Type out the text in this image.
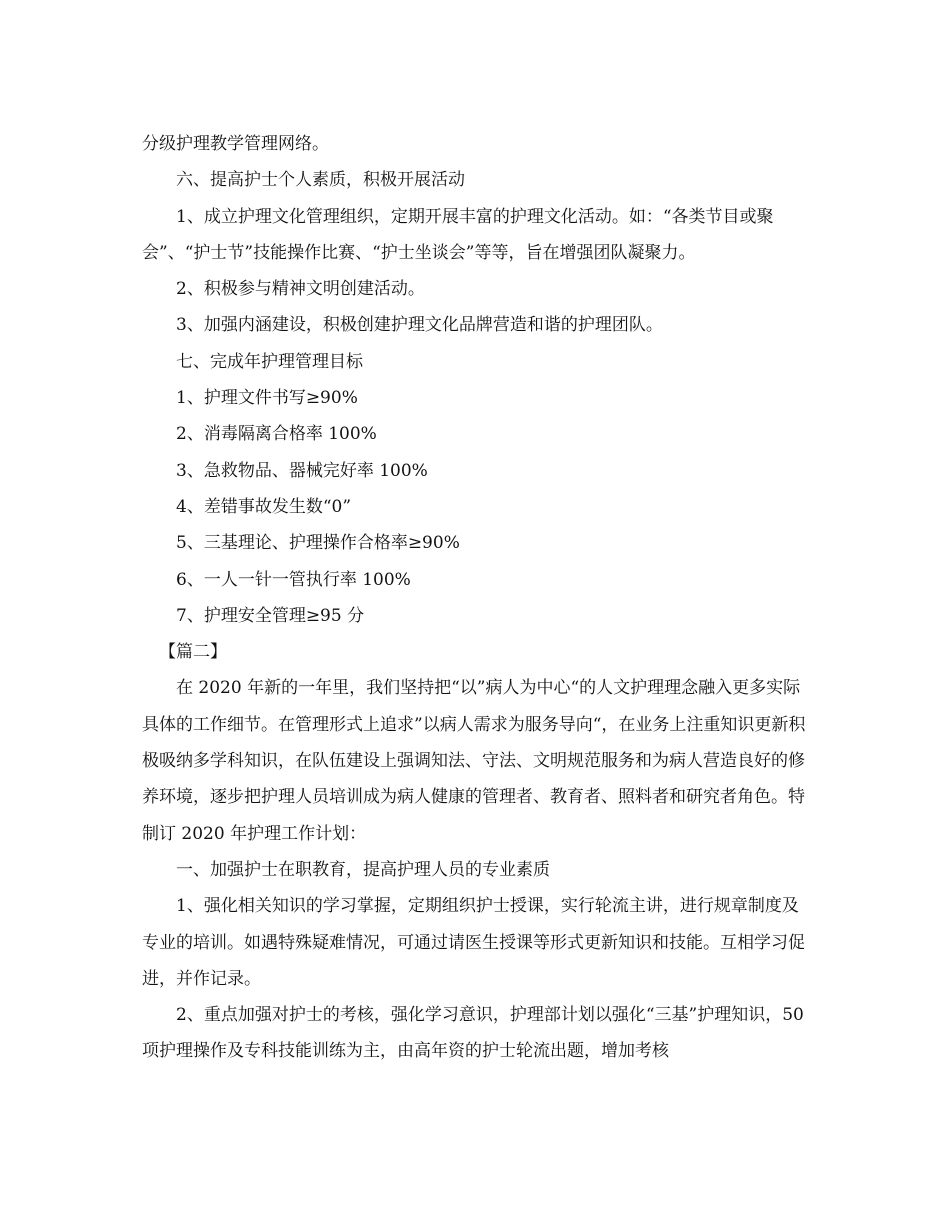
分级护理教学管理网络。

六、提高护士个人素质，积极开展活动

1、成立护理文化管理组织，定期开展丰富的护理文化活动。如：“各类节目或聚会”、“护士节”技能操作比赛、“护士坐谈会”等等，旨在增强团队凝聚力。

2、积极参与精神文明创建活动。

3、加强内涵建设，积极创建护理文化品牌营造和谐的护理团队。

七、完成年护理管理目标

1、护理文件书写≥90%

2、消毒隔离合格率 100%

3、急救物品、器械完好率 100%

4、差错事故发生数“0”

5、三基理论、护理操作合格率≥90%

6、一人一针一管执行率 100%

7、护理安全管理≥95 分

【篇二】

在 2020 年新的一年里，我们坚持把“以”病人为中心“的人文护理理念融入更多实际具体的工作细节。在管理形式上追求”以病人需求为服务导向“，在业务上注重知识更新积极吸纳多学科知识，在队伍建设上强调知法、守法、文明规范服务和为病人营造良好的修养环境，逐步把护理人员培训成为病人健康的管理者、教育者、照料者和研究者角色。特制订 2020 年护理工作计划：

一、加强护士在职教育，提高护理人员的专业素质

1、强化相关知识的学习掌握，定期组织护士授课，实行轮流主讲，进行规章制度及专业的培训。如遇特殊疑难情况，可通过请医生授课等形式更新知识和技能。互相学习促进，并作记录。

2、重点加强对护士的考核，强化学习意识，护理部计划以强化“三基”护理知识，50 项护理操作及专科技能训练为主，由高年资的护士轮流出题，增加考核
